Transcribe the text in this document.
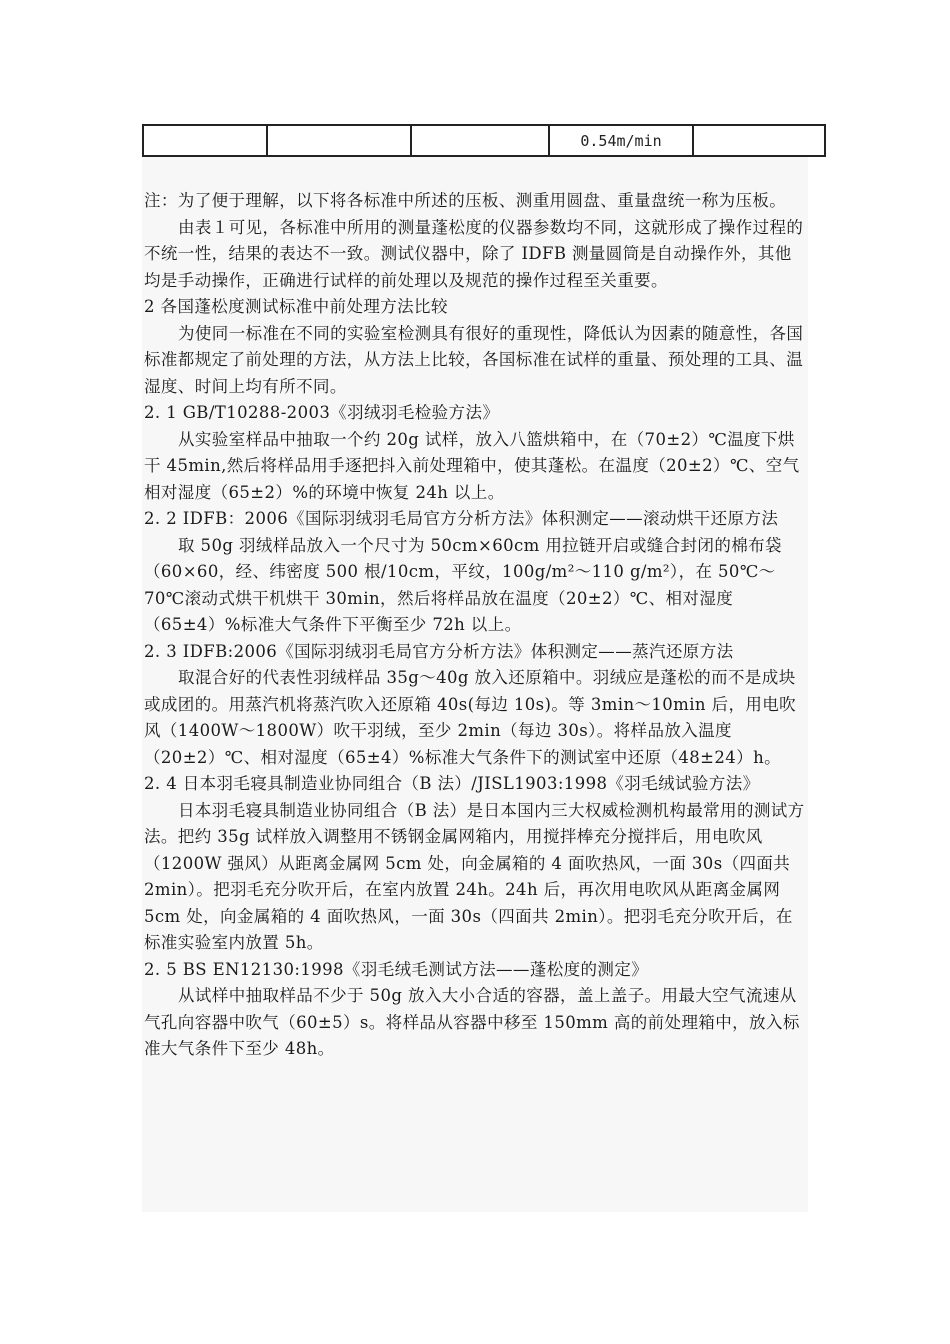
			0.54m/min	

注：为了便于理解，以下将各标准中所述的压板、测重用圆盘、重量盘统一称为压板。

由表１可见，各标准中所用的测量蓬松度的仪器参数均不同，这就形成了操作过程的不统一性，结果的表达不一致。测试仪器中，除了 IDFB 测量圆筒是自动操作外，其他均是手动操作，正确进行试样的前处理以及规范的操作过程至关重要。

2 各国蓬松度测试标准中前处理方法比较

为使同一标准在不同的实验室检测具有很好的重现性，降低认为因素的随意性，各国标准都规定了前处理的方法，从方法上比较，各国标准在试样的重量、预处理的工具、温湿度、时间上均有所不同。

2. 1 GB/T10288-2003《羽绒羽毛检验方法》

从实验室样品中抽取一个约 20g 试样，放入八篮烘箱中，在（70±2）℃温度下烘干 45min,然后将样品用手逐把抖入前处理箱中，使其蓬松。在温度（20±2）℃、空气相对湿度（65±2）%的环境中恢复 24h 以上。

2. 2 IDFB：2006《国际羽绒羽毛局官方分析方法》体积测定——滚动烘干还原方法

取 50g 羽绒样品放入一个尺寸为 50cm×60cm 用拉链开启或缝合封闭的棉布袋（60×60，经、纬密度 500 根/10cm，平纹，100g/m²～110 g/m²），在 50℃～70℃滚动式烘干机烘干 30min，然后将样品放在温度（20±2）℃、相对湿度（65±4）%标准大气条件下平衡至少 72h 以上。

2. 3 IDFB:2006《国际羽绒羽毛局官方分析方法》体积测定——蒸汽还原方法

取混合好的代表性羽绒样品 35g～40g 放入还原箱中。羽绒应是蓬松的而不是成块或成团的。用蒸汽机将蒸汽吹入还原箱 40s(每边 10s)。等 3min～10min 后，用电吹风（1400W～1800W）吹干羽绒，至少 2min（每边 30s）。将样品放入温度（20±2）℃、相对湿度（65±4）%标准大气条件下的测试室中还原（48±24）h。

2. 4 日本羽毛寝具制造业协同组合（B 法）/JISL1903:1998《羽毛绒试验方法》

日本羽毛寝具制造业协同组合（B 法）是日本国内三大权威检测机构最常用的测试方法。把约 35g 试样放入调整用不锈钢金属网箱内，用搅拌棒充分搅拌后，用电吹风（1200W 强风）从距离金属网 5cm 处，向金属箱的 4 面吹热风，一面 30s（四面共 2min）。把羽毛充分吹开后，在室内放置 24h。24h 后，再次用电吹风从距离金属网 5cm 处，向金属箱的 4 面吹热风，一面 30s（四面共 2min）。把羽毛充分吹开后，在标准实验室内放置 5h。

2. 5 BS EN12130:1998《羽毛绒毛测试方法——蓬松度的测定》

从试样中抽取样品不少于 50g 放入大小合适的容器，盖上盖子。用最大空气流速从气孔向容器中吹气（60±5）s。将样品从容器中移至 150mm 高的前处理箱中，放入标准大气条件下至少 48h。
